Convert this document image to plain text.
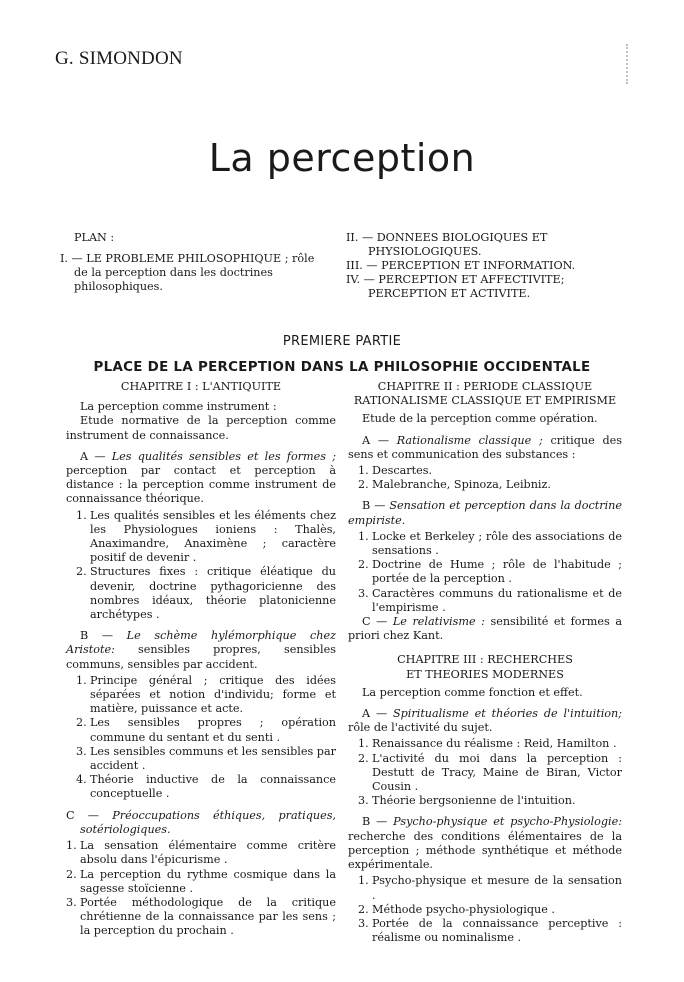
G. SIMONDON
La perception
PLAN :

I. — LE PROBLEME PHILOSOPHIQUE ; rôle de la perception dans les doctrines philosophiques.

II. — DONNEES BIOLOGIQUES ET PHYSIOLOGIQUES.

III. — PERCEPTION ET INFORMATION.

IV. — PERCEPTION ET AFFECTIVITE; PERCEPTION ET ACTIVITE.

PREMIERE PARTIE
PLACE DE LA PERCEPTION DANS LA PHILOSOPHIE OCCIDENTALE
CHAPITRE I : L'ANTIQUITE

La perception comme instrument :

Etude normative de la perception comme instrument de connaissance.

A — Les qualités sensibles et les formes ; perception par contact et perception à distance : la perception comme instrument de connaissance théorique.

1. Les qualités sensibles et les éléments chez les Physiologues ioniens : Thalès, Anaximandre, Anaximène ; caractère positif de devenir .
2. Structures fixes : critique éléatique du devenir, doctrine pythagoricienne des nombres idéaux, théorie platonicienne archétypes .

B — Le schème hylémorphique chez Aristote: sensibles propres, sensibles communs, sensibles par accident.

1. Principe général ; critique des idées séparées et notion d'individu; forme et matière, puissance et acte.
2. Les sensibles propres ; opération commune du sentant et du senti .
3. Les sensibles communs et les sensibles par accident .
4. Théorie inductive de la connaissance conceptuelle .

C — Préoccupations éthiques, pratiques, sotériologiques.

1. La sensation élémentaire comme critère absolu dans l'épicurisme .
2. La perception du rythme cosmique dans la sagesse stoïcienne .
3. Portée méthodologique de la critique chrétienne de la connaissance par les sens ; la perception du prochain .
CHAPITRE II : PERIODE CLASSIQUE
RATIONALISME CLASSIQUE ET EMPIRISME

Etude de la perception comme opération.

A — Rationalisme classique ; critique des sens et communication des substances :

1. Descartes.
2. Malebranche, Spinoza, Leibniz.

B — Sensation et perception dans la doctrine empiriste.

1. Locke et Berkeley ; rôle des associations de sensations .
2. Doctrine de Hume ; rôle de l'habitude ; portée de la perception .
3. Caractères communs du rationalisme et de l'empirisme .

C — Le relativisme : sensibilité et formes a priori chez Kant.

CHAPITRE III : RECHERCHES
ET THEORIES MODERNES

La perception comme fonction et effet.

A — Spiritualisme et théories de l'intuition; rôle de l'activité du sujet.

1. Renaissance du réalisme : Reid, Hamilton .
2. L'activité du moi dans la perception : Destutt de Tracy, Maine de Biran, Victor Cousin .
3. Théorie bergsonienne de l'intuition.

B — Psycho-physique et psycho-Physiologie: recherche des conditions élémentaires de la perception ; méthode synthétique et méthode expérimentale.

1. Psycho-physique et mesure de la sensation .
2. Méthode psycho-physiologique .
3. Portée de la connaissance perceptive : réalisme ou nominalisme .
